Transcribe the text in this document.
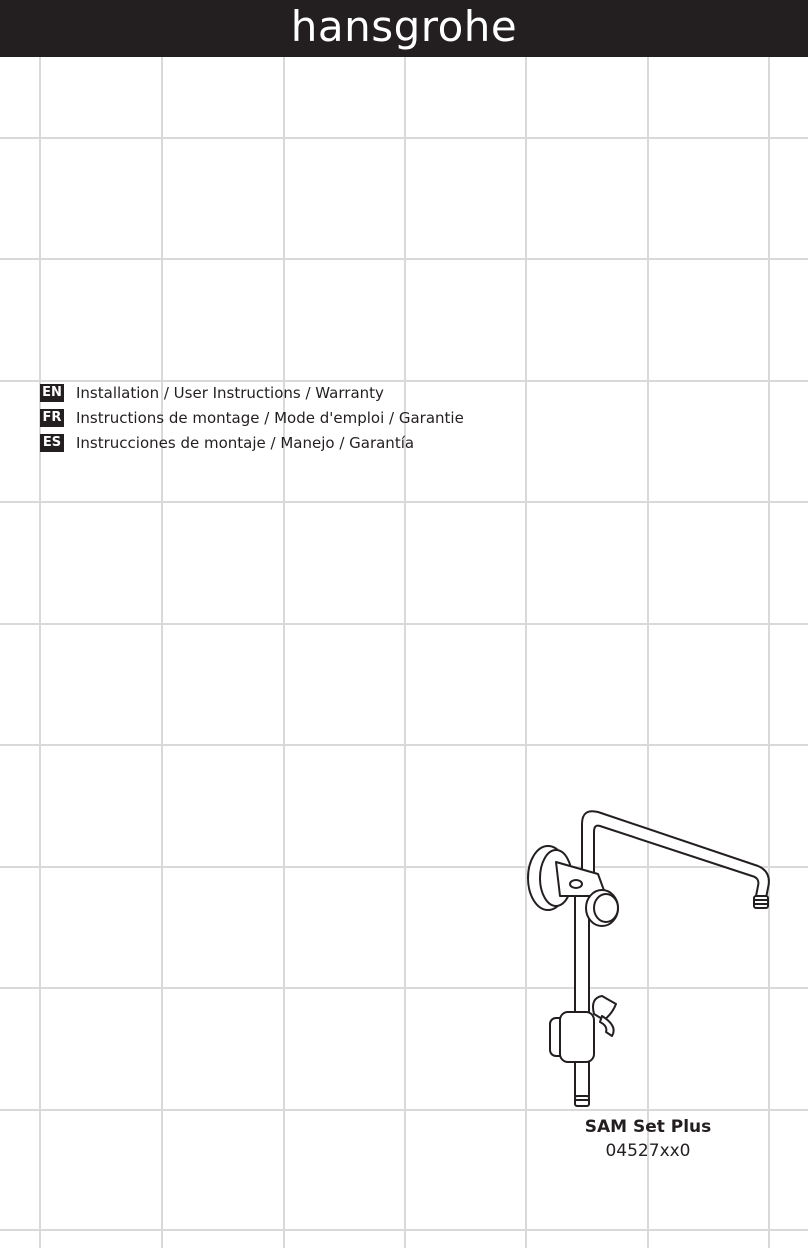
hansgrohe
EN Installation / User Instructions / Warranty
FR Instructions de montage / Mode d'emploi / Garantie
ES Instrucciones de montaje / Manejo / Garantía
SAM Set Plus
04527xx0
